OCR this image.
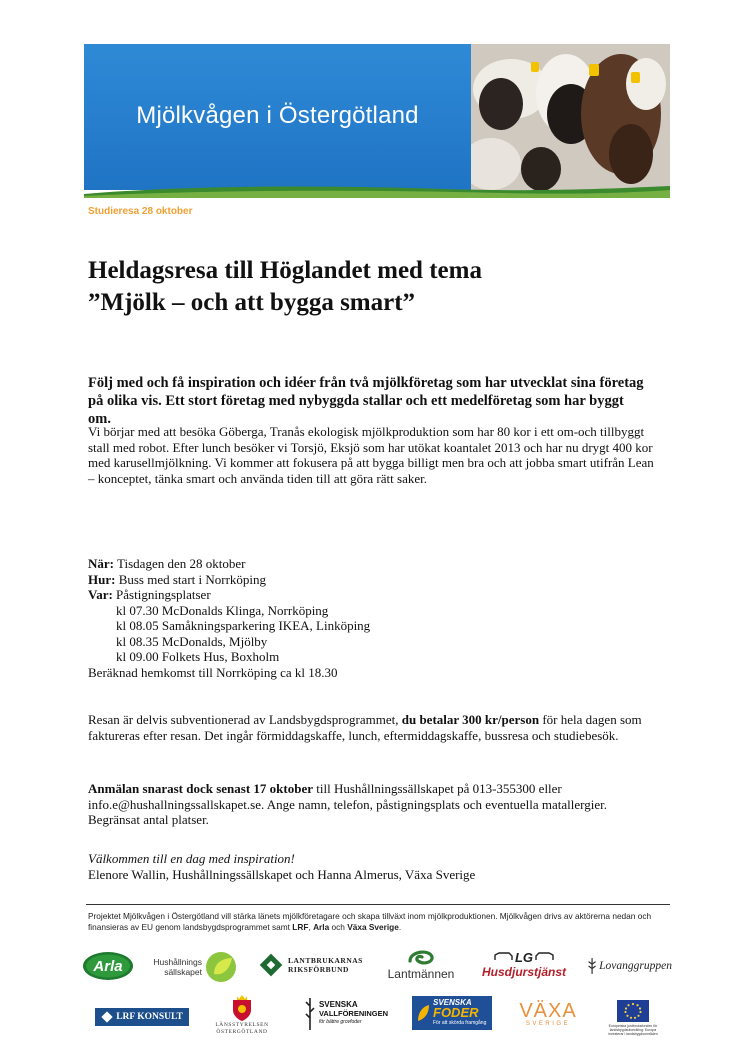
Mjölkvågen i Östergötland
Studieresa 28 oktober
Heldagsresa till Höglandet med tema
”Mjölk – och att bygga smart”

Följ med och få inspiration och idéer från två mjölkföretag som har utvecklat sina företag på olika vis. Ett stort företag med nybyggda stallar och ett medelföretag som har byggt om.

Vi börjar med att besöka Göberga, Tranås ekologisk mjölkproduktion som har 80 kor i ett om-och tillbyggt stall med robot. Efter lunch besöker vi Torsjö, Eksjö som har utökat koantalet 2013 och har nu drygt 400 kor med karusellmjölkning. Vi kommer att fokusera på att bygga billigt men bra och att jobba smart utifrån Lean – konceptet, tänka smart och använda tiden till att göra rätt saker.

När: Tisdagen den 28 oktober
Hur: Buss med start i Norrköping
Var: Påstigningsplatser
kl 07.30 McDonalds Klinga, Norrköping
kl 08.05 Samåkningsparkering IKEA, Linköping
kl 08.35 McDonalds, Mjölby
kl 09.00 Folkets Hus, Boxholm
Beräknad hemkomst till Norrköping ca kl 18.30

Resan är delvis subventionerad av Landsbygdsprogrammet, du betalar 300 kr/person för hela dagen som faktureras efter resan. Det ingår förmiddagskaffe, lunch, eftermiddagskaffe, bussresa och studiebesök.

Anmälan snarast dock senast 17 oktober till Hushållningssällskapet på 013-355300 eller info.e@hushallningssallskapet.se. Ange namn, telefon, påstigningsplats och eventuella matallergier. Begränsat antal platser.

Välkommen till en dag med inspiration!
Elenore Wallin, Hushållningssällskapet och Hanna Almerus, Växa Sverige

Projektet Mjölkvågen i Östergötland vill stärka länets mjölkföretagare och skapa tillväxt inom mjölkproduktionen. Mjölkvågen drivs av aktörerna nedan och finansieras av EU genom landsbygdsprogrammet samt LRF, Arla och Växa Sverige.

Arla	Hushållnings
sällskapet
LANTBRUKARNAS
RIKSFÖRBUND	Lantmännen
LG
Husdjurstjänst	Lovanggruppen
LRF KONSULT
LÄNSSTYRELSEN
ÖSTERGÖTLAND
SVENSKA
VALLFÖRENINGEN
för bättre grovfoder
SVENSKA
FODER
För att skörda framgång
VÄXA
SVERIGE	Europeiska jordbruksfonden för landsbygdsutveckling: Europa investerar i landsbygdsområden
